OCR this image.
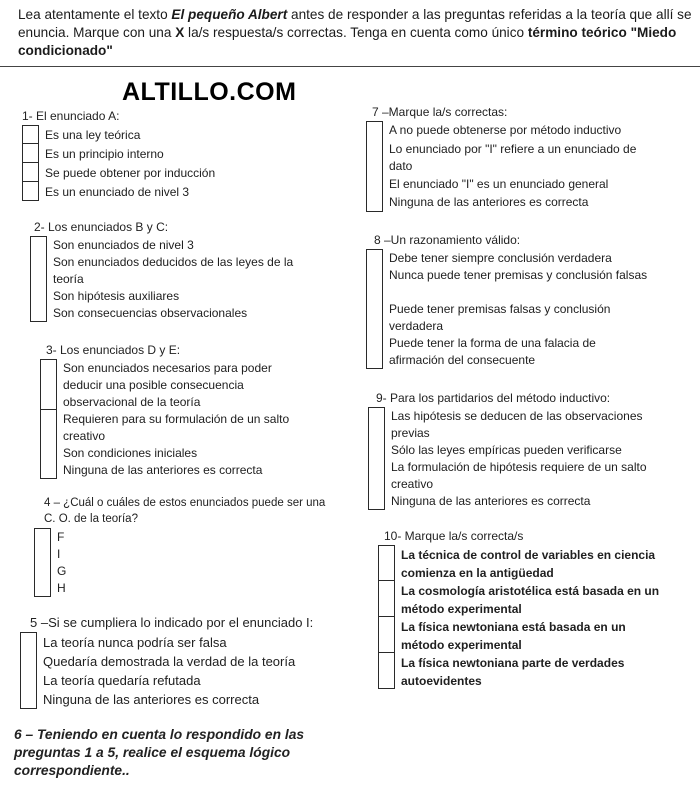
Lea atentamente el texto El pequeño Albert antes de responder a las preguntas referidas a la teoría que allí se enuncia. Marque con una X la/s respuesta/s correctas. Tenga en cuenta como único término teórico "Miedo condicionado"
ALTILLO.COM
1- El enunciado A:
Es una ley teórica
Es un principio interno
Se puede obtener por inducción
Es un enunciado de nivel 3
2- Los enunciados B y C:
Son enunciados de nivel 3
Son enunciados deducidos de las leyes de la teoría
Son hipótesis auxiliares
Son consecuencias observacionales
3- Los enunciados D y E:
Son enunciados necesarios para poder deducir una posible consecuencia observacional de la teoría
Requieren para su formulación de un salto creativo
Son condiciones iniciales
Ninguna de las anteriores es correcta
4 – ¿Cuál o cuáles de estos enunciados puede ser una C. O. de la teoría?
F
I
G
H
5 –Si se cumpliera lo indicado por el enunciado I:
La teoría nunca podría ser falsa
Quedaría demostrada la verdad de la teoría
La teoría quedaría refutada
Ninguna de las anteriores es correcta
6 – Teniendo en cuenta lo respondido en las preguntas 1 a 5, realice el esquema lógico correspondiente..
7 –Marque la/s correctas:
A no puede obtenerse por método inductivo
Lo enunciado por "I" refiere a un enunciado de dato
El enunciado "I" es un enunciado general
Ninguna de las anteriores es correcta
8 –Un razonamiento válido:
Debe tener siempre conclusión verdadera
Nunca puede tener premisas y conclusión falsas
Puede tener premisas falsas y conclusión verdadera
Puede tener la forma de una falacia de afirmación del consecuente
9- Para los partidarios del método inductivo:
Las hipótesis se deducen de las observaciones previas
Sólo las leyes empíricas pueden verificarse
La formulación de hipótesis requiere de un salto creativo
Ninguna de las anteriores es correcta
10- Marque la/s correcta/s
La técnica de control de variables en ciencia comienza en la antigüedad
La cosmología aristotélica está basada en un método experimental
La física newtoniana está basada en un método experimental
La física newtoniana parte de verdades autoevidentes
